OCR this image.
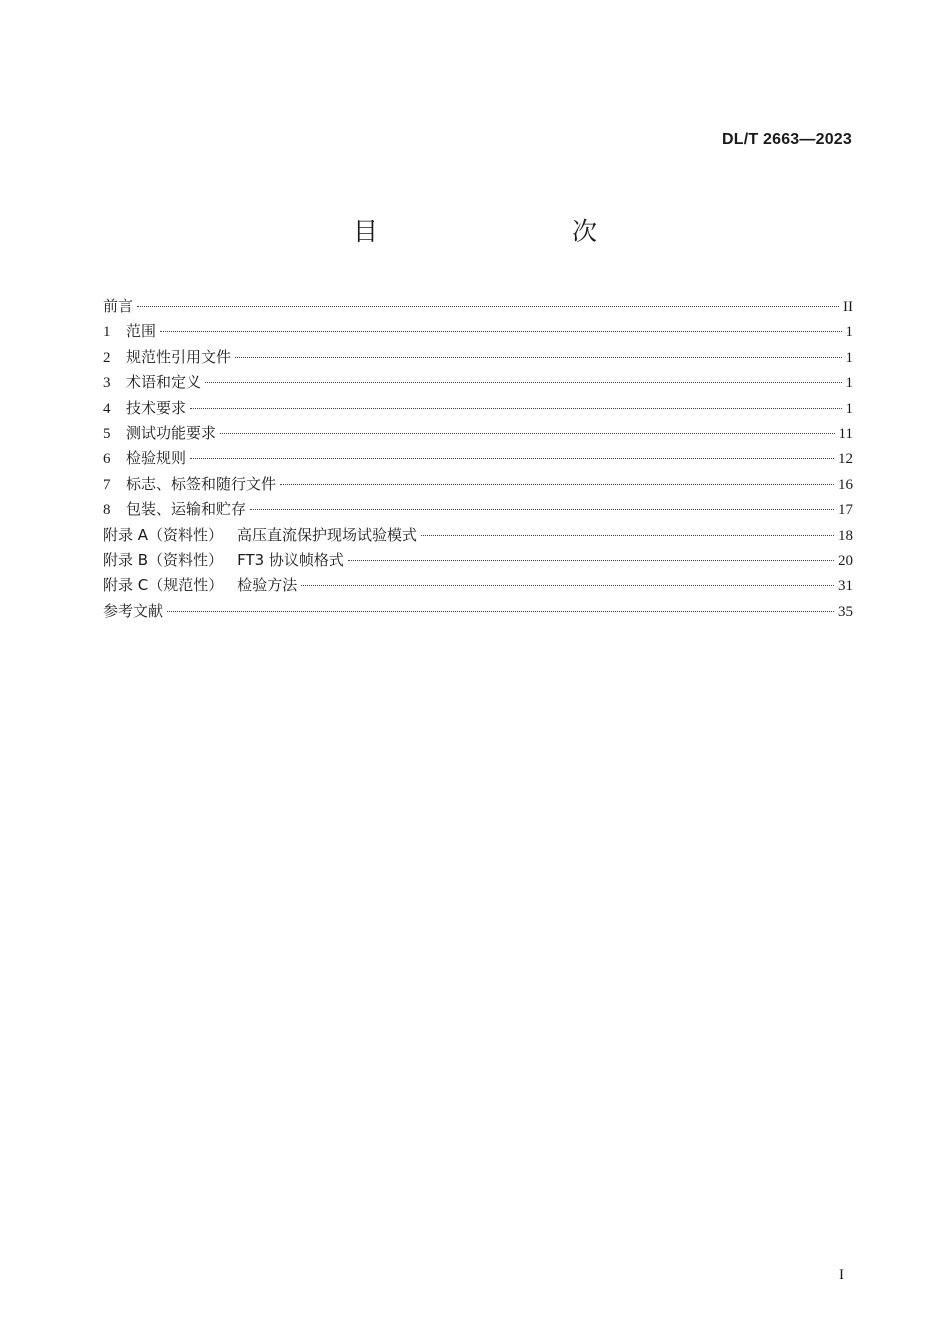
DL/T 2663—2023
目　　次
前言	II
1 范围	1
2 规范性引用文件	1
3 术语和定义	1
4 技术要求	1
5 测试功能要求	11
6 检验规则	12
7 标志、标签和随行文件	16
8 包装、运输和贮存	17
附录 A（资料性） 高压直流保护现场试验模式	18
附录 B（资料性） FT3 协议帧格式	20
附录 C（规范性） 检验方法	31
参考文献	35
I
